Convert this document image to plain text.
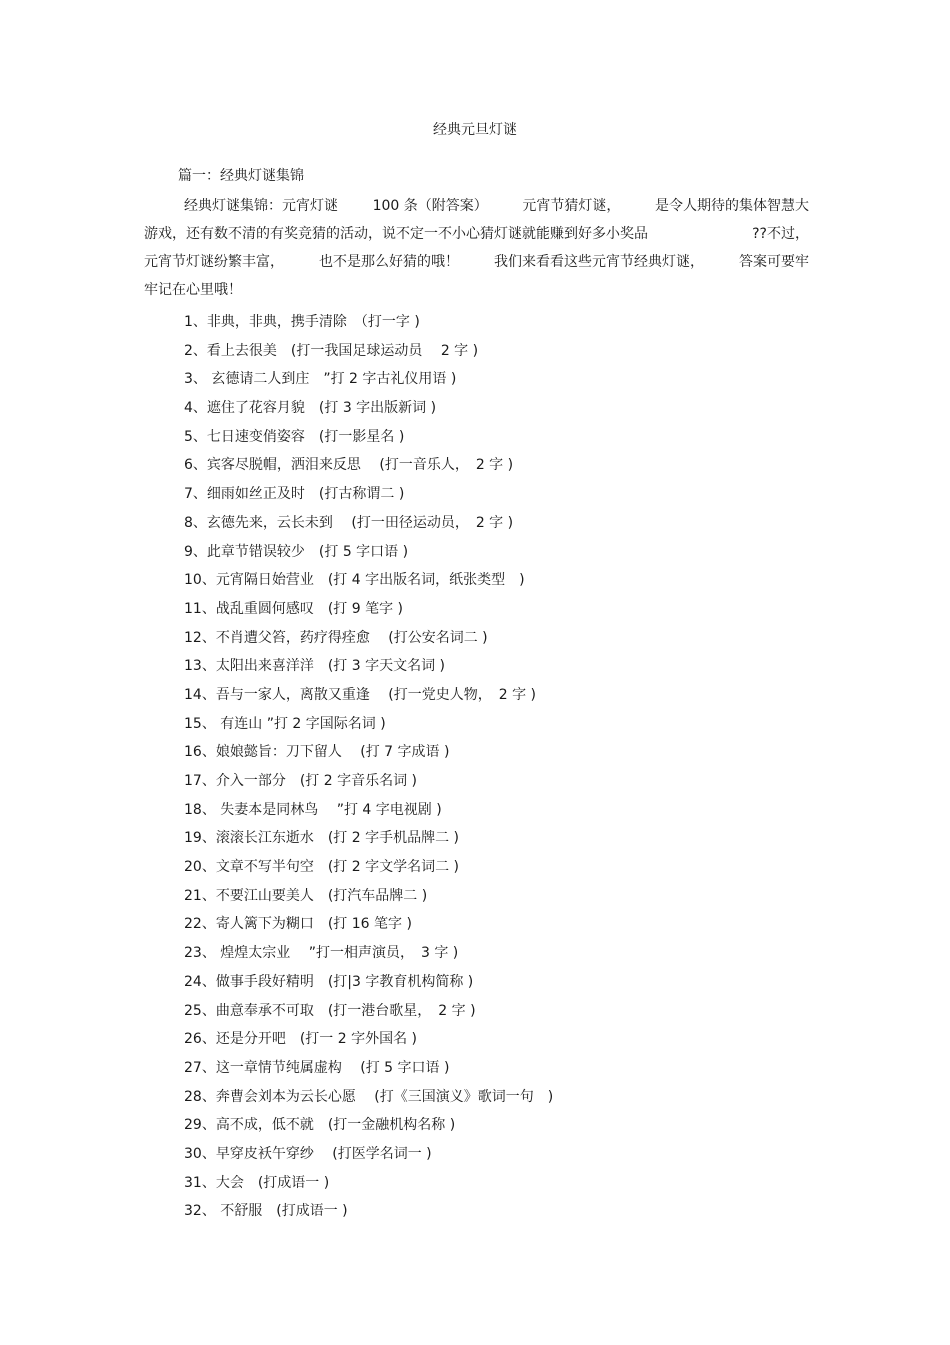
经典元旦灯谜
篇一：经典灯谜集锦
经典灯谜集锦：元宵灯谜 100 条（附答案） 元宵节猜灯谜， 是令人期待的集体智慧大
游戏，还有数不清的有奖竞猜的活动，说不定一不小心猜灯谜就能赚到好多小奖品	??不过，
元宵节灯谜纷繁丰富，	也不是那么好猜的哦！	我们来看看这些元宵节经典灯谜，	答案可要牢
牢记在心里哦！
1、非典，非典，携手清除　（打一字 )
2、看上去很美　(打一我国足球运动员　 2 字 )
3、 玄德请二人到庄　”打 2 字古礼仪用语 )
4、遮住了花容月貌　(打 3 字出版新词 )
5、七日速变俏姿容　(打一影星名 )
6、宾客尽脱帽，洒泪来反思　 (打一音乐人，　2 字 )
7、细雨如丝正及时　(打古称谓二 )
8、玄德先来，云长未到　 (打一田径运动员，　2 字 )
9、此章节错误较少　(打 5 字口语 )
10、元宵隔日始营业　(打 4 字出版名词，纸张类型　)
11、战乱重圆何感叹　(打 9 笔字 )
12、不肖遭父笞，药疗得痊愈　 (打公安名词二 )
13、太阳出来喜洋洋　(打 3 字天文名词 )
14、吾与一家人，离散又重逢　 (打一党史人物，　2 字 )
15、 有连山 ”打 2 字国际名词 )
16、娘娘懿旨：刀下留人　 (打 7 字成语 )
17、介入一部分　(打 2 字音乐名词 )
18、 失妻本是同林鸟　 ”打 4 字电视剧 )
19、滚滚长江东逝水　(打 2 字手机品牌二 )
20、文章不写半句空　(打 2 字文学名词二 )
21、不要江山要美人　(打汽车品牌二 )
22、寄人篱下为糊口　(打 16 笔字 )
23、 煌煌太宗业　 ”打一相声演员，　3 字 )
24、做事手段好精明　(打|3 字教育机构简称 )
25、曲意奉承不可取　(打一港台歌星，　2 字 )
26、还是分开吧　(打一 2 字外国名 )
27、这一章情节纯属虚构　 (打 5 字口语 )
28、奔曹会刘本为云长心愿　 (打《三国演义》歌词一句　)
29、高不成，低不就　(打一金融机构名称 )
30、早穿皮袄午穿纱　 (打医学名词一 )
31、大会　(打成语一 )
32、 不舒服　(打成语一 )
